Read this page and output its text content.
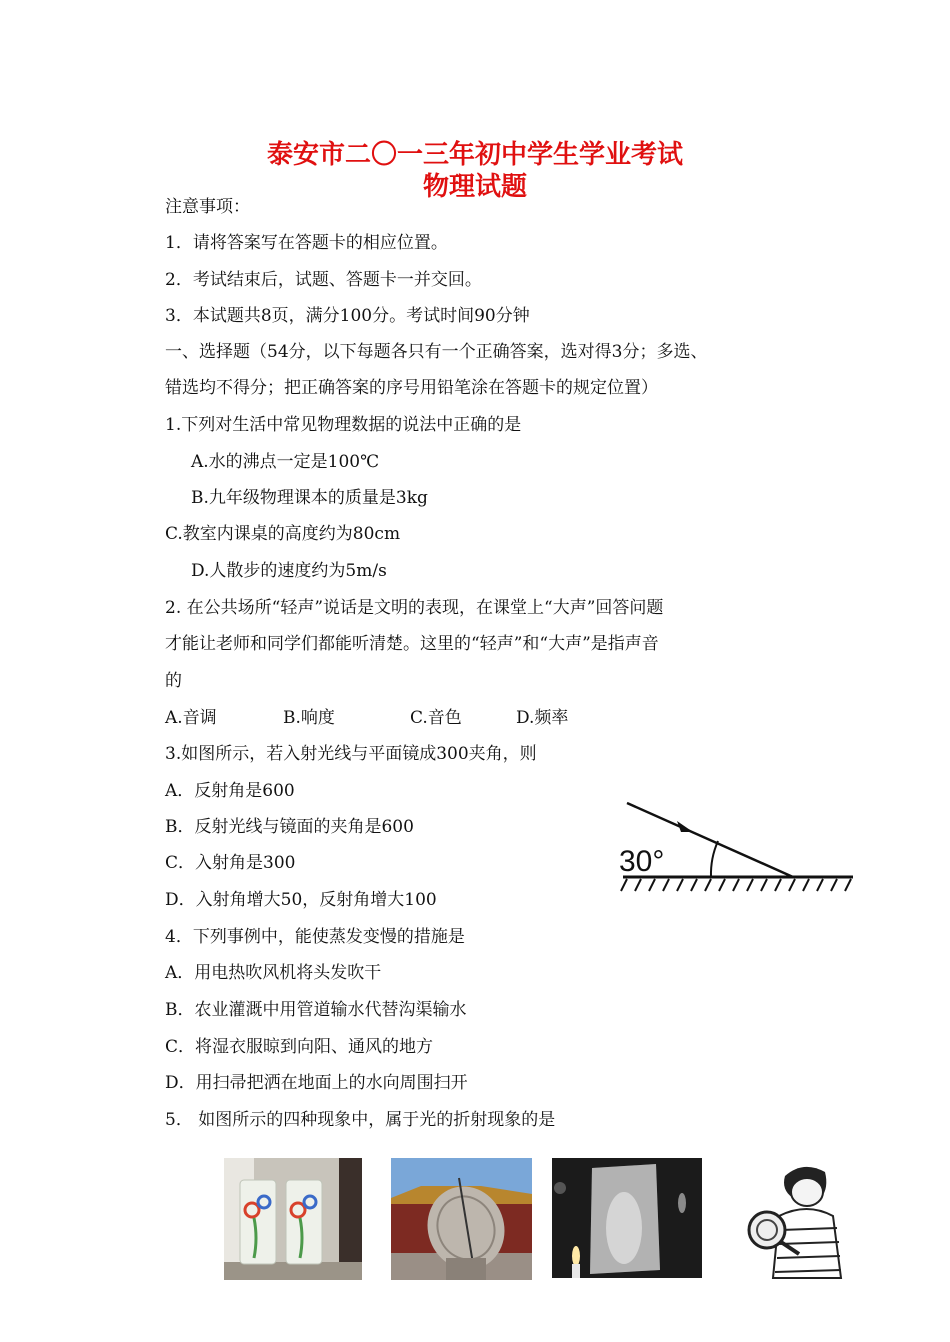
泰安市二〇一三年初中学生学业考试
物理试题
注意事项：
1．请将答案写在答题卡的相应位置。
2．考试结束后，试题、答题卡一并交回。
3．本试题共8页，满分100分。考试时间90分钟
一、选择题（54分，以下每题各只有一个正确答案，选对得3分；多选、
错选均不得分；把正确答案的序号用铅笔涂在答题卡的规定位置）
1.下列对生活中常见物理数据的说法中正确的是
A.水的沸点一定是100℃
B.九年级物理课本的质量是3kg
C.教室内课桌的高度约为80cm
D.人散步的速度约为5m/s
2. 在公共场所“轻声”说话是文明的表现，在课堂上“大声”回答问题
才能让老师和同学们都能听清楚。这里的“轻声”和“大声”是指声音
的
A.音调	B.响度	C.音色	D.频率
3.如图所示，若入射光线与平面镜成300夹角，则
A．反射角是600
B．反射光线与镜面的夹角是600
C．入射角是300
D．入射角增大50，反射角增大100
30°
4．下列事例中，能使蒸发变慢的措施是
A．用电热吹风机将头发吹干
B．农业灌溉中用管道输水代替沟渠输水
C．将湿衣服晾到向阳、通风的地方
D．用扫帚把洒在地面上的水向周围扫开
5． 如图所示的四种现象中，属于光的折射现象的是
